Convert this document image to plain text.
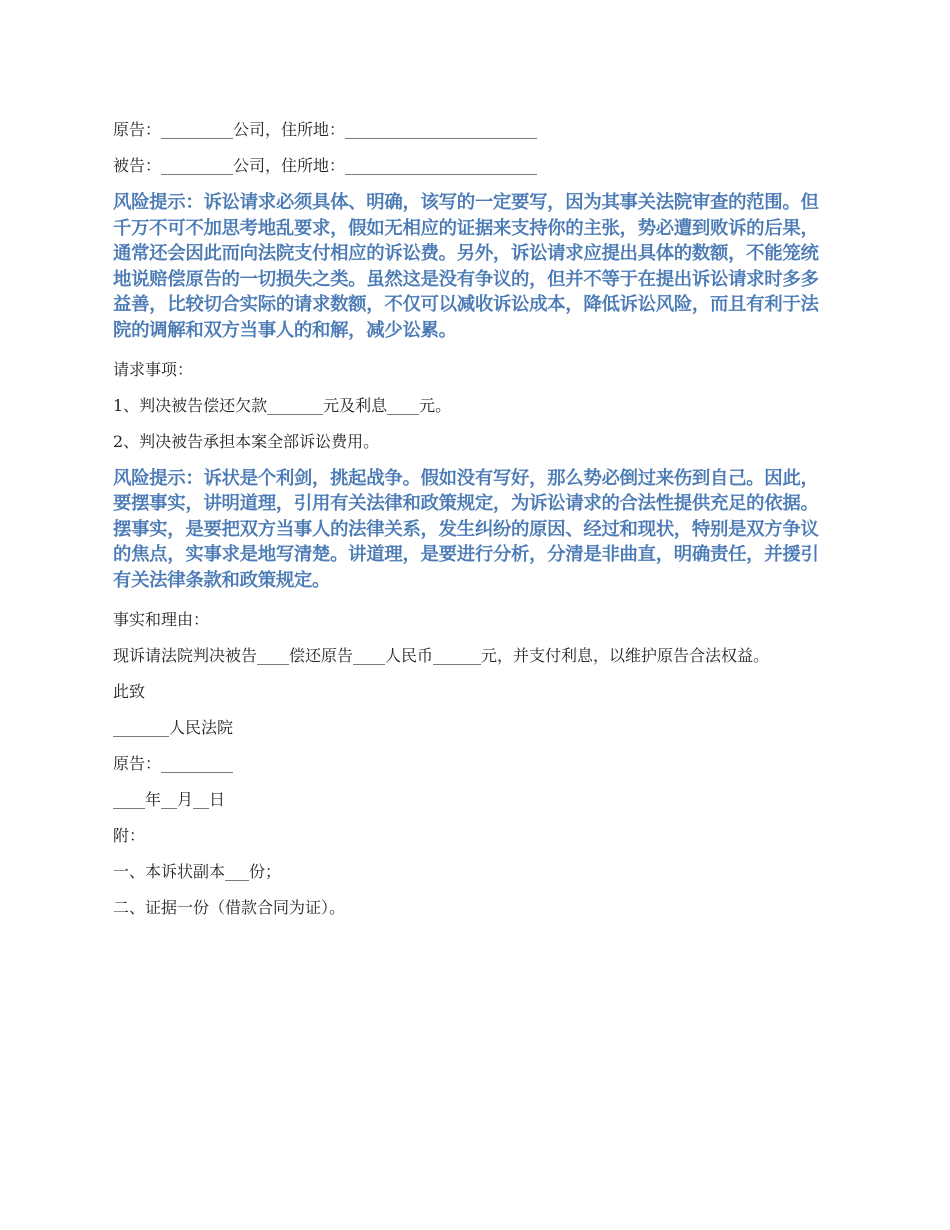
原告：_________公司，住所地：________________________

被告：_________公司，住所地：________________________

风险提示：诉讼请求必须具体、明确，该写的一定要写，因为其事关法院审查的范围。但千万不可不加思考地乱要求，假如无相应的证据来支持你的主张，势必遭到败诉的后果，通常还会因此而向法院支付相应的诉讼费。另外，诉讼请求应提出具体的数额，不能笼统地说赔偿原告的一切损失之类。虽然这是没有争议的，但并不等于在提出诉讼请求时多多益善，比较切合实际的请求数额，不仅可以减收诉讼成本，降低诉讼风险，而且有利于法院的调解和双方当事人的和解，减少讼累。

请求事项：

1、判决被告偿还欠款_______元及利息____元。

2、判决被告承担本案全部诉讼费用。

风险提示：诉状是个利剑，挑起战争。假如没有写好，那么势必倒过来伤到自己。因此，要摆事实，讲明道理，引用有关法律和政策规定，为诉讼请求的合法性提供充足的依据。摆事实，是要把双方当事人的法律关系，发生纠纷的原因、经过和现状，特别是双方争议的焦点，实事求是地写清楚。讲道理，是要进行分析，分清是非曲直，明确责任，并援引有关法律条款和政策规定。

事实和理由：

现诉请法院判决被告____偿还原告____人民币______元，并支付利息，以维护原告合法权益。

此致

_______人民法院

原告：_________

____年__月__日

附：

一、本诉状副本___份；

二、证据一份（借款合同为证）。
